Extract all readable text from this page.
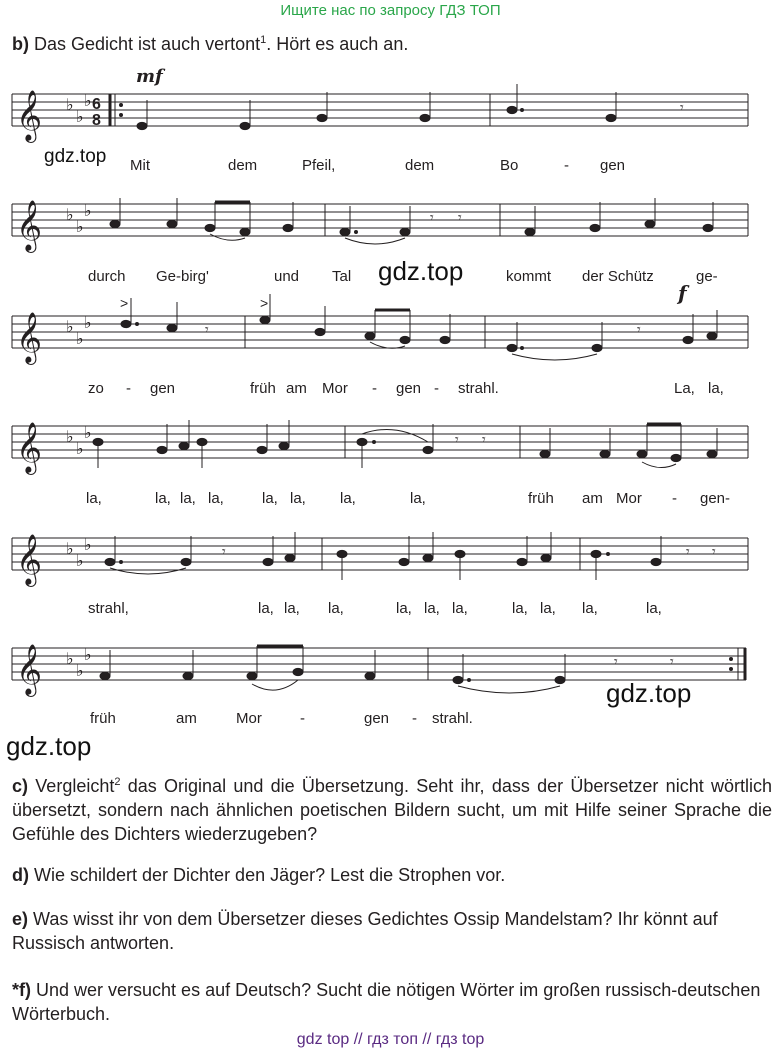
Ищите нас по запросу ГДЗ ТОП
b) Das Gedicht ist auch vertont$^1$. Hört es auch an.
𝄞 ♭
♭
♭ 6
8
𝄾
mf
gdz.top Mit	dem	Pfeil,	dem	Bo	- gen
𝄞 ♭
♭
♭	𝄾 𝄾
gdz.top
durch Ge-birg'	und Tal	kommt der Schütz	ge-
𝄞 ♭
♭
♭
>	>
𝄾	𝄾
f
zo - gen	früh am Mor - gen - strahl.	La, la,
𝄞 ♭
♭
♭	𝄾 𝄾
la,	la, la, la,	la, la, la,	la,	früh am Mor - gen-
𝄞 ♭
♭
♭	𝄾	𝄾 𝄾
strahl,	la, la, la,	la, la, la,	la, la, la,	la,
𝄞 ♭
♭
♭	𝄾	𝄾
gdz.top
früh	am	Mor	-	gen - strahl.
gdz.top
c) Vergleicht$^2$ das Original und die Übersetzung. Seht ihr, dass der Übersetzer nicht wörtlich übersetzt, sondern nach ähnlichen poetischen Bildern sucht, um mit Hilfe seiner Sprache die Gefühle des Dichters wiederzugeben?
d) Wie schildert der Dichter den Jäger? Lest die Strophen vor.
e) Was wisst ihr von dem Übersetzer dieses Gedichtes Ossip Mandelstam? Ihr könnt auf Russisch antworten.
*f) Und wer versucht es auf Deutsch? Sucht die nötigen Wörter im großen russisch-deutschen Wörterbuch.
gdz top // гдз топ // гдз top
